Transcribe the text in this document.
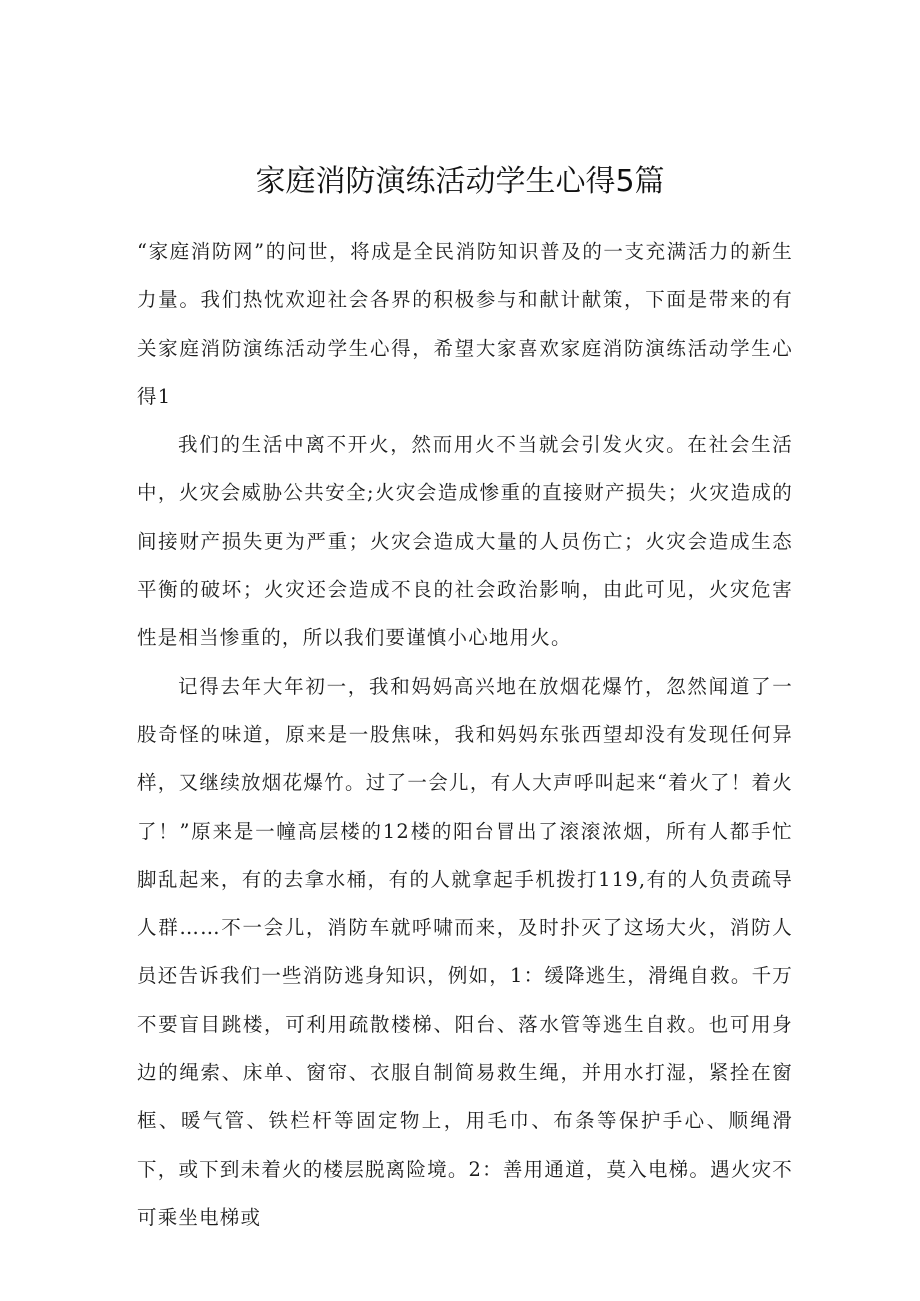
家庭消防演练活动学生心得5篇

“家庭消防网”的问世，将成是全民消防知识普及的一支充满活力的新生力量。我们热忱欢迎社会各界的积极参与和献计献策，下面是带来的有关家庭消防演练活动学生心得，希望大家喜欢家庭消防演练活动学生心得1

我们的生活中离不开火，然而用火不当就会引发火灾。在社会生活中，火灾会威胁公共安全;火灾会造成惨重的直接财产损失；火灾造成的间接财产损失更为严重；火灾会造成大量的人员伤亡；火灾会造成生态平衡的破坏；火灾还会造成不良的社会政治影响，由此可见，火灾危害性是相当惨重的，所以我们要谨慎小心地用火。

记得去年大年初一，我和妈妈高兴地在放烟花爆竹，忽然闻道了一股奇怪的味道，原来是一股焦味，我和妈妈东张西望却没有发现任何异样，又继续放烟花爆竹。过了一会儿，有人大声呼叫起来“着火了！着火了！”原来是一幢高层楼的12楼的阳台冒出了滚滚浓烟，所有人都手忙脚乱起来，有的去拿水桶，有的人就拿起手机拨打119,有的人负责疏导人群……不一会儿，消防车就呼啸而来，及时扑灭了这场大火，消防人员还告诉我们一些消防逃身知识，例如，1：缓降逃生，滑绳自救。千万不要盲目跳楼，可利用疏散楼梯、阳台、落水管等逃生自救。也可用身边的绳索、床单、窗帘、衣服自制简易救生绳，并用水打湿，紧拴在窗框、暖气管、铁栏杆等固定物上，用毛巾、布条等保护手心、顺绳滑下，或下到未着火的楼层脱离险境。2：善用通道，莫入电梯。遇火灾不可乘坐电梯或
